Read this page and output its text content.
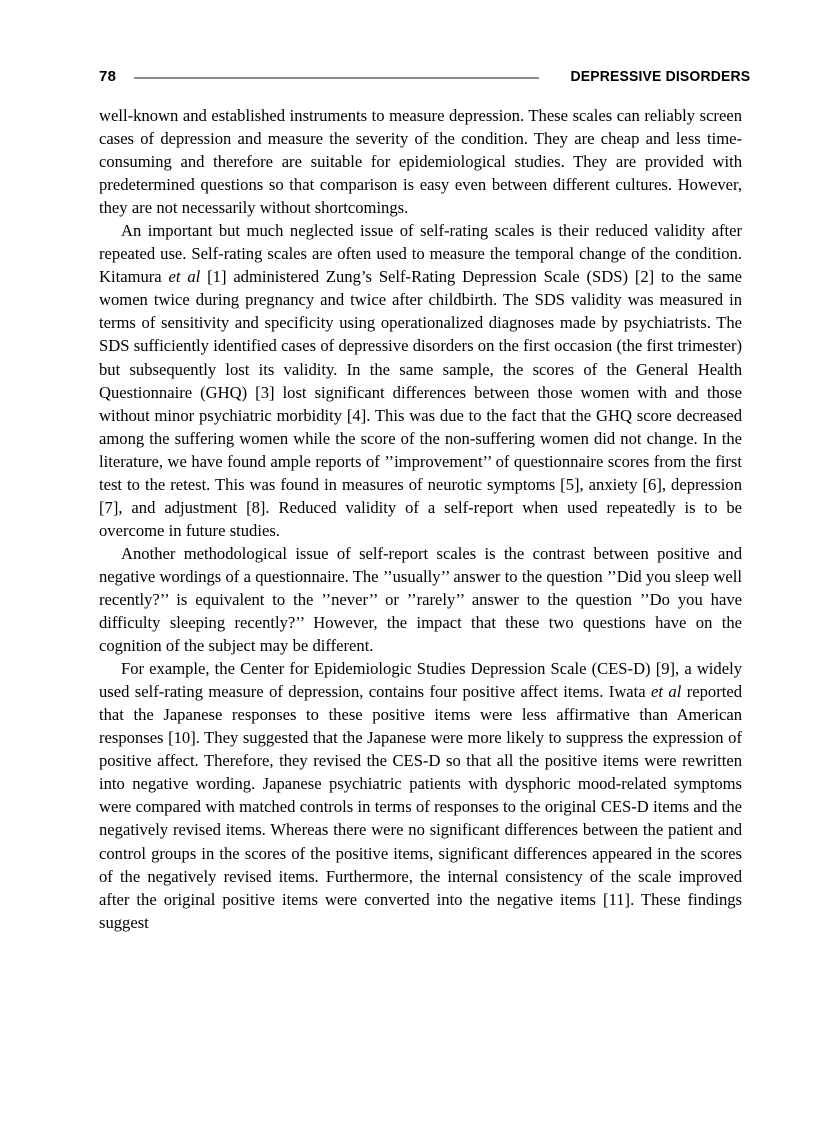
78	DEPRESSIVE DISORDERS

well-known and established instruments to measure depression. These scales can reliably screen cases of depression and measure the severity of the condition. They are cheap and less time-consuming and therefore are suitable for epidemiological studies. They are provided with predetermined questions so that comparison is easy even between different cultures. However, they are not necessarily without shortcomings.

An important but much neglected issue of self-rating scales is their reduced validity after repeated use. Self-rating scales are often used to measure the temporal change of the condition. Kitamura et al [1] administered Zung’s Self-Rating Depression Scale (SDS) [2] to the same women twice during pregnancy and twice after childbirth. The SDS validity was measured in terms of sensitivity and specificity using operationalized diagnoses made by psychiatrists. The SDS sufficiently identified cases of depressive disorders on the first occasion (the first trimester) but subsequently lost its validity. In the same sample, the scores of the General Health Questionnaire (GHQ) [3] lost significant differences between those women with and those without minor psychiatric morbidity [4]. This was due to the fact that the GHQ score decreased among the suffering women while the score of the non-suffering women did not change. In the literature, we have found ample reports of ’’improvement’’ of questionnaire scores from the first test to the retest. This was found in measures of neurotic symptoms [5], anxiety [6], depression [7], and adjustment [8]. Reduced validity of a self-report when used repeatedly is to be overcome in future studies.

Another methodological issue of self-report scales is the contrast between positive and negative wordings of a questionnaire. The ’’usually’’ answer to the question ’’Did you sleep well recently?’’ is equivalent to the ’’never’’ or ’’rarely’’ answer to the question ’’Do you have difficulty sleeping recently?’’ However, the impact that these two questions have on the cognition of the subject may be different.

For example, the Center for Epidemiologic Studies Depression Scale (CES-D) [9], a widely used self-rating measure of depression, contains four positive affect items. Iwata et al reported that the Japanese responses to these positive items were less affirmative than American responses [10]. They suggested that the Japanese were more likely to suppress the expression of positive affect. Therefore, they revised the CES-D so that all the positive items were rewritten into negative wording. Japanese psychiatric patients with dysphoric mood-related symptoms were compared with matched controls in terms of responses to the original CES-D items and the negatively revised items. Whereas there were no significant differences between the patient and control groups in the scores of the positive items, significant differences appeared in the scores of the negatively revised items. Furthermore, the internal consistency of the scale improved after the original positive items were converted into the negative items [11]. These findings suggest
